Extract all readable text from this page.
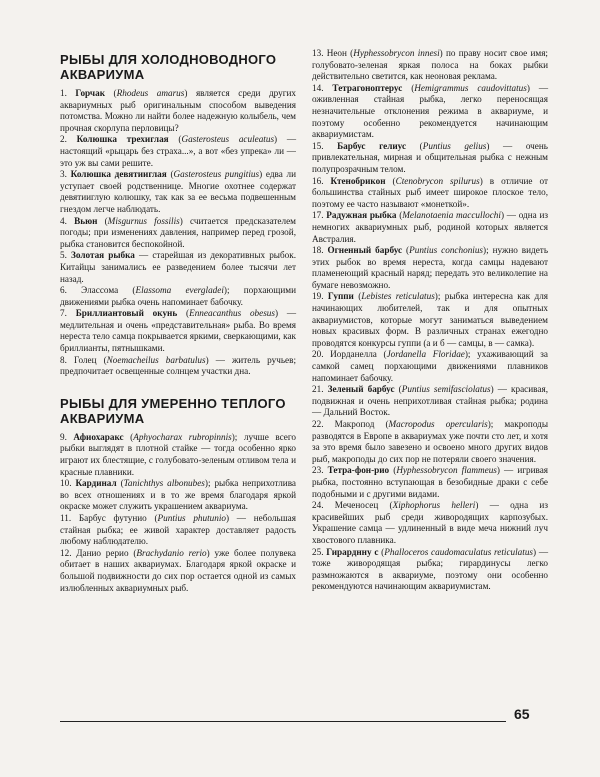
РЫБЫ ДЛЯ ХОЛОДНОВОДНОГО АКВАРИУМА

1. Горчак (Rhodeus amarus) является среди других аквариумных рыб оригинальным способом выведения потомства. Можно ли найти более надежную колыбель, чем прочная скорлупа перловицы?

2. Колюшка трехиглая (Gasterosteus aculeatus) — настоящий «рыцарь без страха...», а вот «без упрека» ли — это уж вы сами решите.

3. Колюшка девятииглая (Gasterosteus pungitius) едва ли уступает своей родственнице. Многие охотнее содержат девятииглую колюшку, так как за ее весьма подвешенным гнездом легче наблюдать.

4. Вьюн (Misgurnus fossilis) считается предсказателем погоды; при изменениях давления, например перед грозой, рыбка становится беспокойной.

5. Золотая рыбка — старейшая из декоративных рыбок. Китайцы занимались ее разведением более тысячи лет назад.

6. Элассома (Elassoma evergladei); порхающими движениями рыбка очень напоминает бабочку.

7. Бриллиантовый окунь (Enneacanthus obesus) — медлительная и очень «представительная» рыба. Во время нереста тело самца покрывается яркими, сверкающими, как бриллианты, пятнышками.

8. Голец (Noemacheilus barbatulus) — житель ручьев; предпочитает освещенные солнцем участки дна.

РЫБЫ ДЛЯ УМЕРЕННО ТЕПЛОГО АКВАРИУМА

9. Афиохаракс (Aphyocharax rubropinnis); лучше всего рыбки выглядят в плотной стайке — тогда особенно ярко играют их блестящие, с голубовато-зеленым отливом тела и красные плавники.

10. Кардинал (Tanichthys albonubes); рыбка неприхотлива во всех отношениях и в то же время благодаря яркой окраске может служить украшением аквариума.

11. Барбус футунио (Puntius phutunio) — небольшая стайная рыбка; ее живой характер доставляет радость любому наблюдателю.

12. Данио рерио (Brachydanio rerio) уже более полувека обитает в наших аквариумах. Благодаря яркой окраске и большой подвижности до сих пор остается одной из самых излюбленных аквариумных рыб.

13. Неон (Hyphessobrycon innesi) по праву носит свое имя; голубовато-зеленая яркая полоса на боках рыбки действительно светится, как неоновая реклама.

14. Тетрагоноптерус (Hemigrammus caudovittatus) — оживленная стайная рыбка, легко переносящая незначительные отклонения режима в аквариуме, и поэтому особенно рекомендуется начинающим аквариумистам.

15. Барбус гелиус (Puntius gelius) — очень привлекательная, мирная и общительная рыбка с нежным полупрозрачным телом.

16. Ктенобрикон (Ctenobrycon spilurus) в отличие от большинства стайных рыб имеет широкое плоское тело, поэтому ее часто называют «монеткой».

17. Радужная рыбка (Melanotaenia maccullochi) — одна из немногих аквариумных рыб, родиной которых является Австралия.

18. Огненный барбус (Puntius conchonius); нужно видеть этих рыбок во время нереста, когда самцы надевают пламенеющий красный наряд; передать это великолепие на бумаге невозможно.

19. Гуппи (Lebistes reticulatus); рыбка интересна как для начинающих любителей, так и для опытных аквариумистов, которые могут заниматься выведением новых красивых форм. В различных странах ежегодно проводятся конкурсы гуппи (а и б — самцы, в — самка).

20. Иорданелла (Jordanella Floridae); ухаживающий за самкой самец порхающими движениями плавников напоминает бабочку.

21. Зеленый барбус (Puntius semifasciolatus) — красивая, подвижная и очень неприхотливая стайная рыбка; родина — Дальний Восток.

22. Макропод (Macropodus opercularis); макроподы разводятся в Европе в аквариумах уже почти сто лет, и хотя за это время было завезено и освоено много других видов рыб, макроподы до сих пор не потеряли своего значения.

23. Тетра-фон-рио (Hyphessobrycon flammeus) — игривая рыбка, постоянно вступающая в безобидные драки с себе подобными и с другими видами.

24. Меченосец (Xiphophorus helleri) — одна из красивейших рыб среди живородящих карпозубых. Украшение самца — удлиненный в виде меча нижний луч хвостового плавника.

25. Гирарднну с (Phalloceros caudomaculatus reticulatus) — тоже живородящая рыбка; гирардинусы легко размножаются в аквариуме, поэтому они особенно рекомендуются начинающим аквариумистам.

65
